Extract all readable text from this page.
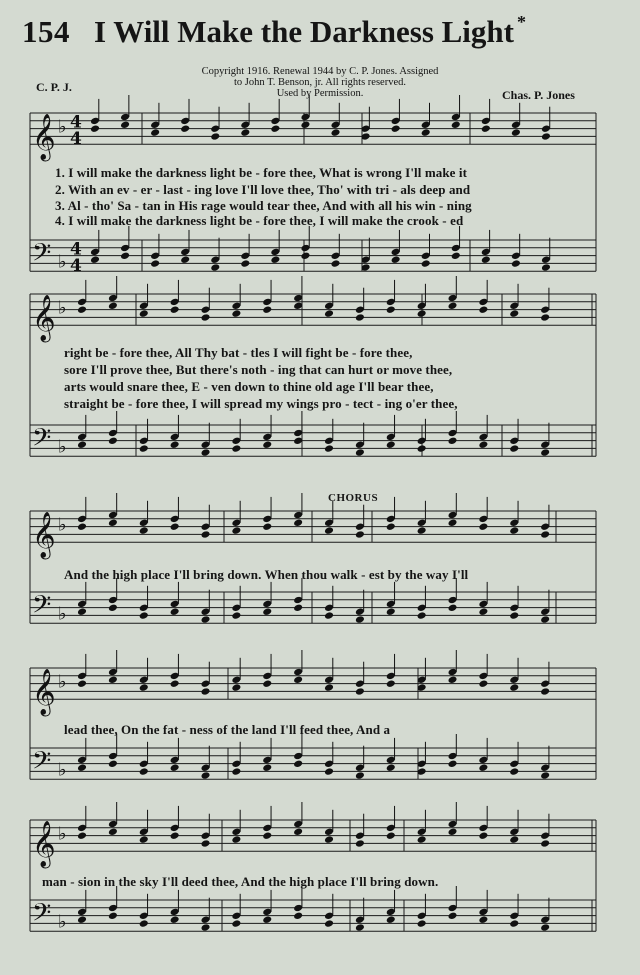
154 I Will Make the Darkness Light *
Copyright 1916. Renewal 1944 by C. P. Jones. Assigned
to John T. Benson, jr. All rights reserved.
Used by Permission.
C. P. J.
Chas. P. Jones
𝄞 ♭ 4
4
𝄢 ♭
4
4
𝄞 ♭
𝄢 ♭
𝄞 ♭
𝄢 ♭
𝄞 ♭
𝄢 ♭
𝄞 ♭
𝄢 ♭
1. I will make the darkness light be - fore thee, What is wrong I'll make it
2. With an ev - er - last - ing love I'll love thee, Tho' with tri - als deep and
3. Al - tho' Sa - tan in His rage would tear thee, And with all his win - ning
4. I will make the darkness light be - fore thee, I will make the crook - ed
right be - fore thee, All Thy bat - tles I will fight be - fore thee,
sore I'll prove thee, But there's noth - ing that can hurt or move thee,
arts would snare thee, E - ven down to thine old age I'll bear thee,
straight be - fore thee, I will spread my wings pro - tect - ing o'er thee,
CHORUS
And the high place I'll bring down. When thou walk - est by the way I'll
lead thee, On the fat - ness of the land I'll feed thee, And a
man - sion in the sky I'll deed thee, And the high place I'll bring down.
